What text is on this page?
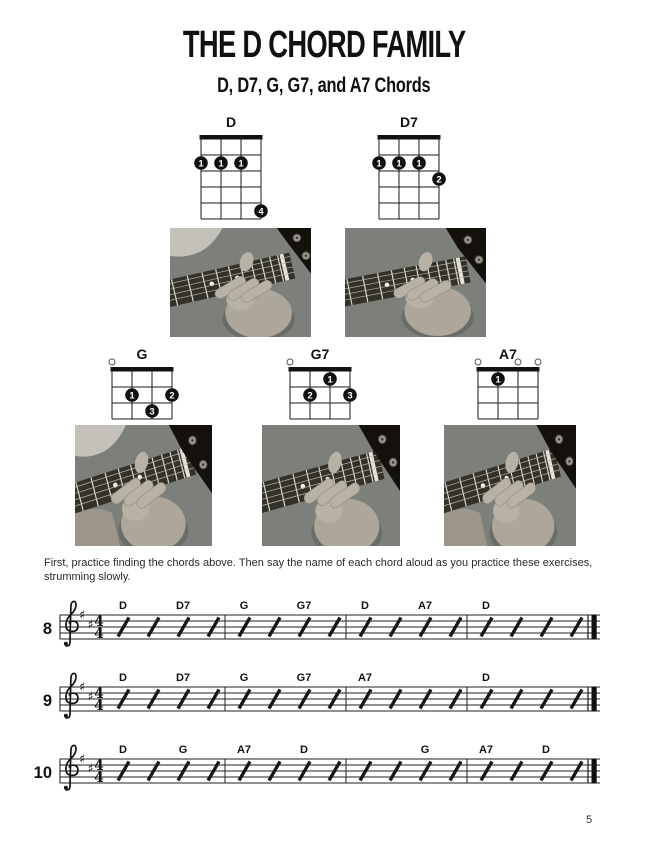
THE D CHORD FAMILY
D, D7, G, G7, and A7 Chords
D
1 1 1
4
D7
1 1 1
2
G
1	2
3
G7
1
2	3
A7
1

First, practice finding the chords above. Then say the name of each chord aloud as you practice these exercises, strumming slowly.

8
♯
♯ 4
4
D	D7	G	G7	D	A7	D
9
♯
♯ 4
4
D	D7	G	G7	A7	D
10
♯
♯ 4
4
D	G	A7	D	G	A7	D
5
